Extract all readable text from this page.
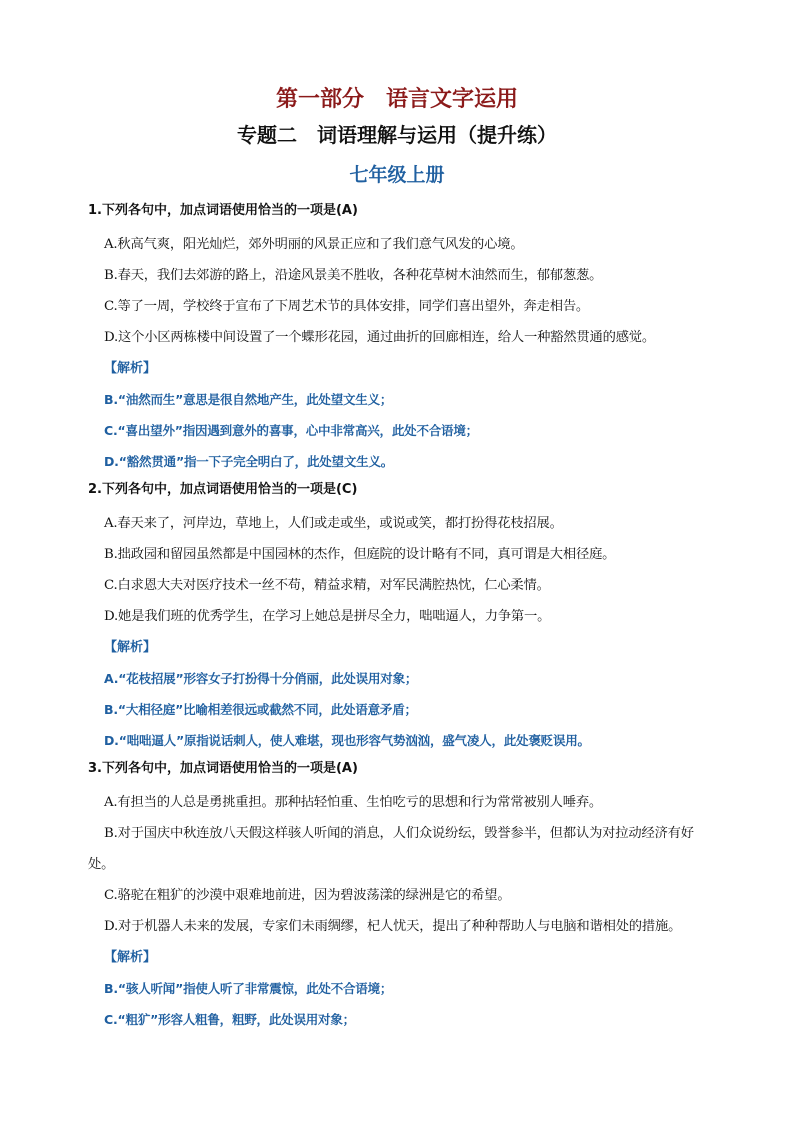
第一部分　语言文字运用
专题二　词语理解与运用（提升练）
七年级上册
1.下列各句中，加点词语使用恰当的一项是(A)
A.秋高气爽，阳光灿烂，郊外明丽的风景正应和了我们意气风发的心境。
B.春天，我们去郊游的路上，沿途风景美不胜收，各种花草树木油然而生，郁郁葱葱。
C.等了一周，学校终于宣布了下周艺术节的具体安排，同学们喜出望外，奔走相告。
D.这个小区两栋楼中间设置了一个蝶形花园，通过曲折的回廊相连，给人一种豁然贯通的感觉。
【解析】
B.“油然而生”意思是很自然地产生，此处望文生义；
C.“喜出望外”指因遇到意外的喜事，心中非常高兴，此处不合语境；
D.“豁然贯通”指一下子完全明白了，此处望文生义。
2.下列各句中，加点词语使用恰当的一项是(C)
A.春天来了，河岸边，草地上，人们或走或坐，或说或笑，都打扮得花枝招展。
B.拙政园和留园虽然都是中国园林的杰作，但庭院的设计略有不同，真可谓是大相径庭。
C.白求恩大夫对医疗技术一丝不苟，精益求精，对军民满腔热忱，仁心柔情。
D.她是我们班的优秀学生，在学习上她总是拼尽全力，咄咄逼人，力争第一。
【解析】
A.“花枝招展”形容女子打扮得十分俏丽，此处误用对象；
B.“大相径庭”比喻相差很远或截然不同，此处语意矛盾；
D.“咄咄逼人”原指说话刺人，使人难堪，现也形容气势汹汹，盛气凌人，此处褒贬误用。
3.下列各句中，加点词语使用恰当的一项是(A)
A.有担当的人总是勇挑重担。那种拈轻怕重、生怕吃亏的思想和行为常常被别人唾弃。
B.对于国庆中秋连放八天假这样骇人听闻的消息，人们众说纷纭，毁誉参半，但都认为对拉动经济有好处。
C.骆驼在粗犷的沙漠中艰难地前进，因为碧波荡漾的绿洲是它的希望。
D.对于机器人未来的发展，专家们未雨绸缪，杞人忧天，提出了种种帮助人与电脑和谐相处的措施。
【解析】
B.“骇人听闻”指使人听了非常震惊，此处不合语境；
C.“粗犷”形容人粗鲁，粗野，此处误用对象；
